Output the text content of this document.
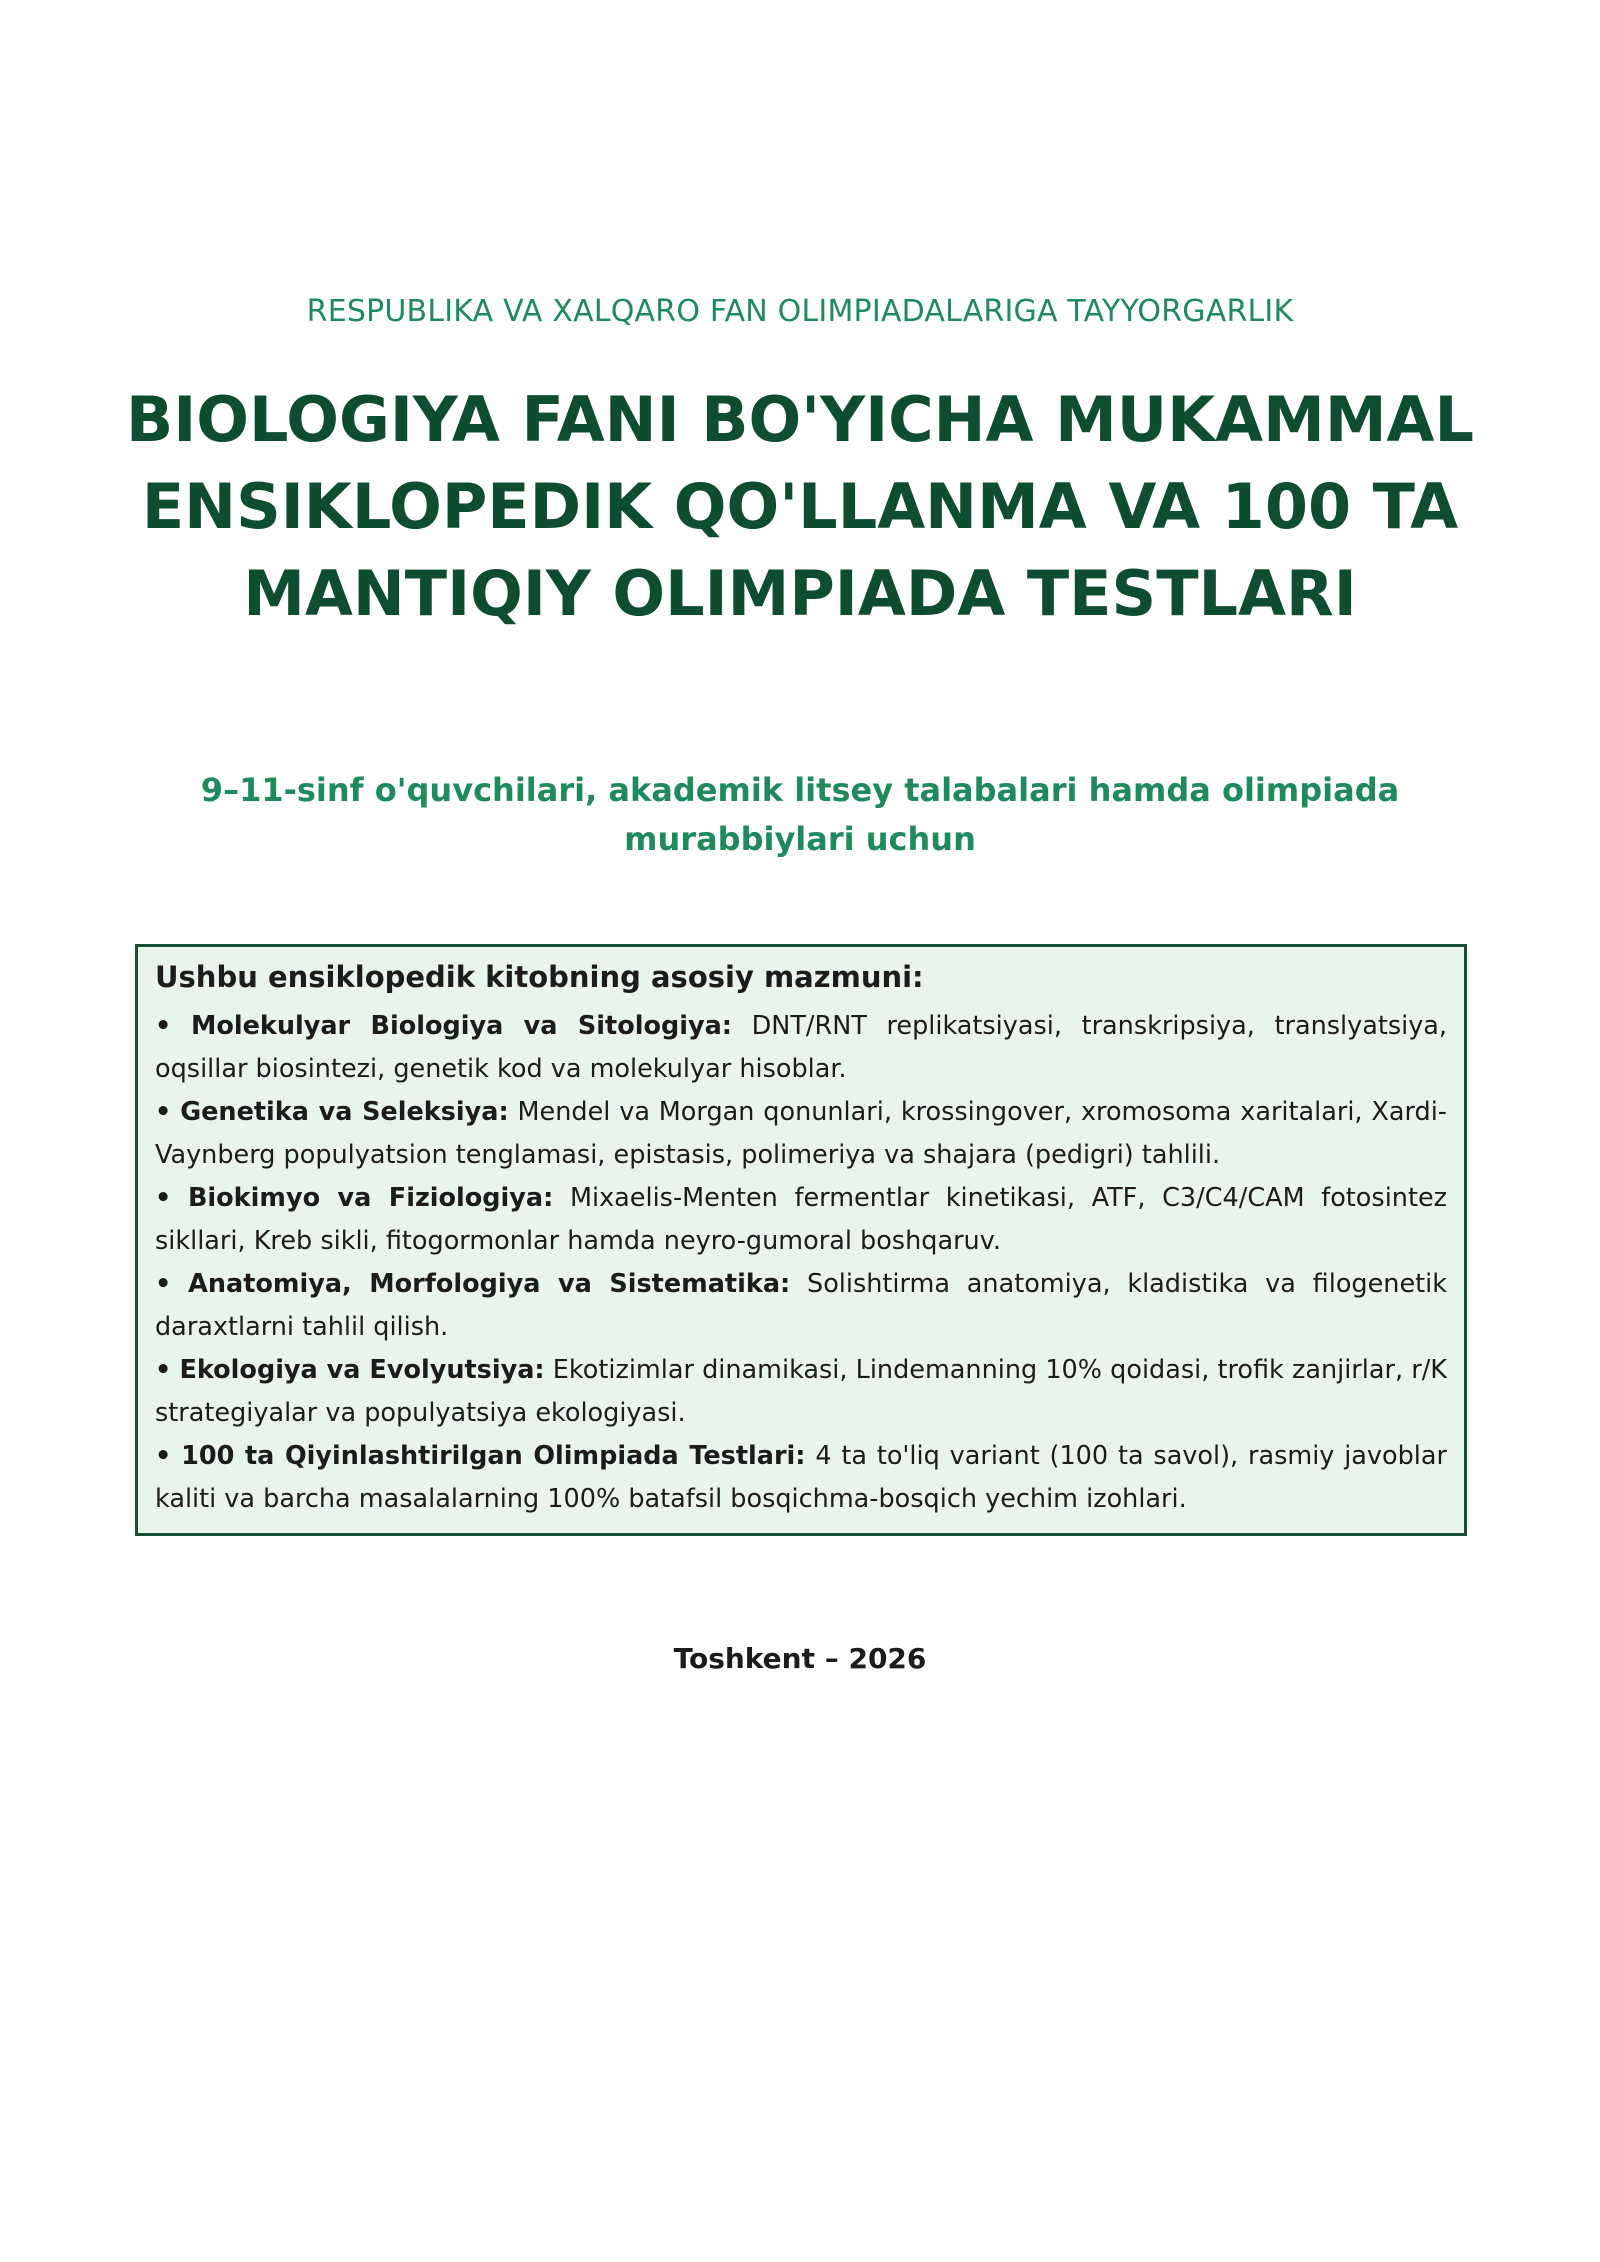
RESPUBLIKA VA XALQARO FAN OLIMPIADALARIGA TAYYORGARLIK
BIOLOGIYA FANI BO'YICHA MUKAMMAL ENSIKLOPEDIK QO'LLANMA VA 100 TA MANTIQIY OLIMPIADA TESTLARI

9–11-sinf o'quvchilari, akademik litsey talabalari hamda olimpiada murabbiylari uchun

Ushbu ensiklopedik kitobning asosiy mazmuni:
• Molekulyar Biologiya va Sitologiya: DNT/RNT replikatsiyasi, transkripsiya, translyatsiya, oqsillar biosintezi, genetik kod va molekulyar hisoblar.
• Genetika va Seleksiya: Mendel va Morgan qonunlari, krossingover, xromosoma xaritalari, Xardi-Vaynberg populyatsion tenglamasi, epistasis, polimeriya va shajara (pedigri) tahlili.
• Biokimyo va Fiziologiya: Mixaelis-Menten fermentlar kinetikasi, ATF, C3/C4/CAM fotosintez sikllari, Kreb sikli, fitogormonlar hamda neyro-gumoral boshqaruv.
• Anatomiya, Morfologiya va Sistematika: Solishtirma anatomiya, kladistika va filogenetik daraxtlarni tahlil qilish.
• Ekologiya va Evolyutsiya: Ekotizimlar dinamikasi, Lindemanning 10% qoidasi, trofik zanjirlar, r/K strategiyalar va populyatsiya ekologiyasi.
• 100 ta Qiyinlashtirilgan Olimpiada Testlari: 4 ta to'liq variant (100 ta savol), rasmiy javoblar kaliti va barcha masalalarning 100% batafsil bosqichma-bosqich yechim izohlari.
Toshkent – 2026
